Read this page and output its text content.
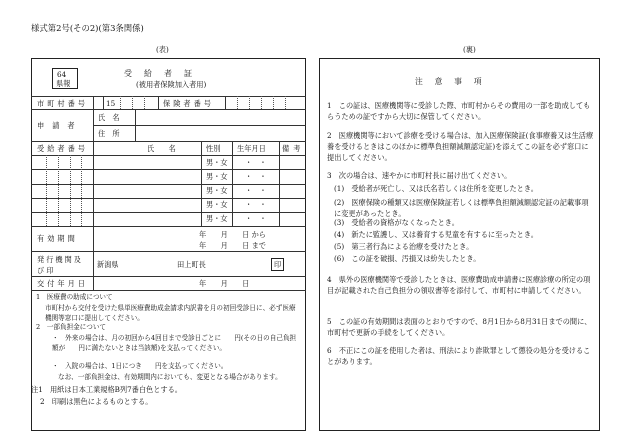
様式第2号(その2)(第3条関係)
(表)	(裏)
64
県報
受　給　者　証
(被用者保険加入者用)
市町村番号	15	保険者番号
申請者
氏　名
住　所
受給者番号	氏　　名	性別 生年月日 備考
男・女 ・　・
男・女 ・　・
男・女 ・　・
男・女 ・　・
男・女 ・　・
有効期間	年　　月　　日 から
年　　月　　日 まで
発行機関及び印
新潟県	田上町長	印
交付年月日	年　　月　　日
1　医療費の助成について
市町村から交付を受けた県単医療費助成金請求内訳書を月の初回受診日に、必ず医療機関等窓口に提出してください。
2　一部負担金について
・　外来の場合は、月の初回から4回目まで受診日ごとに　　円(その日の自己負担額が　　円に満たないときは当該額)を支払ってください。
・　入院の場合は、1日につき　　円を支払ってください。
なお、一部負担金は、有効期間内においても、変更となる場合があります。
注1　用紙は日本工業規格B列7番白色とする。
2　印刷は黒色によるものとする。
注　意　事　項
1　この証は、医療機関等に受診した際、市町村からその費用の一部を助成してもらうための証ですから大切に保管してください。
2　医療機関等において診療を受ける場合は、加入医療保険証(食事療養又は生活療養を受けるときはこのほかに標準負担額減額認定証)を添えてこの証を必ず窓口に提出してください。
3　次の場合は、速やかに市町村長に届け出てください。
(1)　受給者が死亡し、又は氏名若しくは住所を変更したとき。
(2)　医療保険の種類又は医療保険証若しくは標準負担額減額認定証の記載事項に変更があったとき。
(3)　受給者の資格がなくなったとき。
(4)　新たに監護し、又は養育する児童を有するに至ったとき。
(5)　第三者行為による治療を受けたとき。
(6)　この証を破損、汚損又は紛失したとき。
4　県外の医療機関等で受診したときは、医療費助成申請書に医療診療の所定の項目が記載された自己負担分の領収書等を添付して、市町村に申請してください。
5　この証の有効期間は表面のとおりですので、8月1日から8月31日までの間に、市町村で更新の手続をしてください。
6　不正にこの証を使用した者は、刑法により詐欺罪として懲役の処分を受けることがあります。
